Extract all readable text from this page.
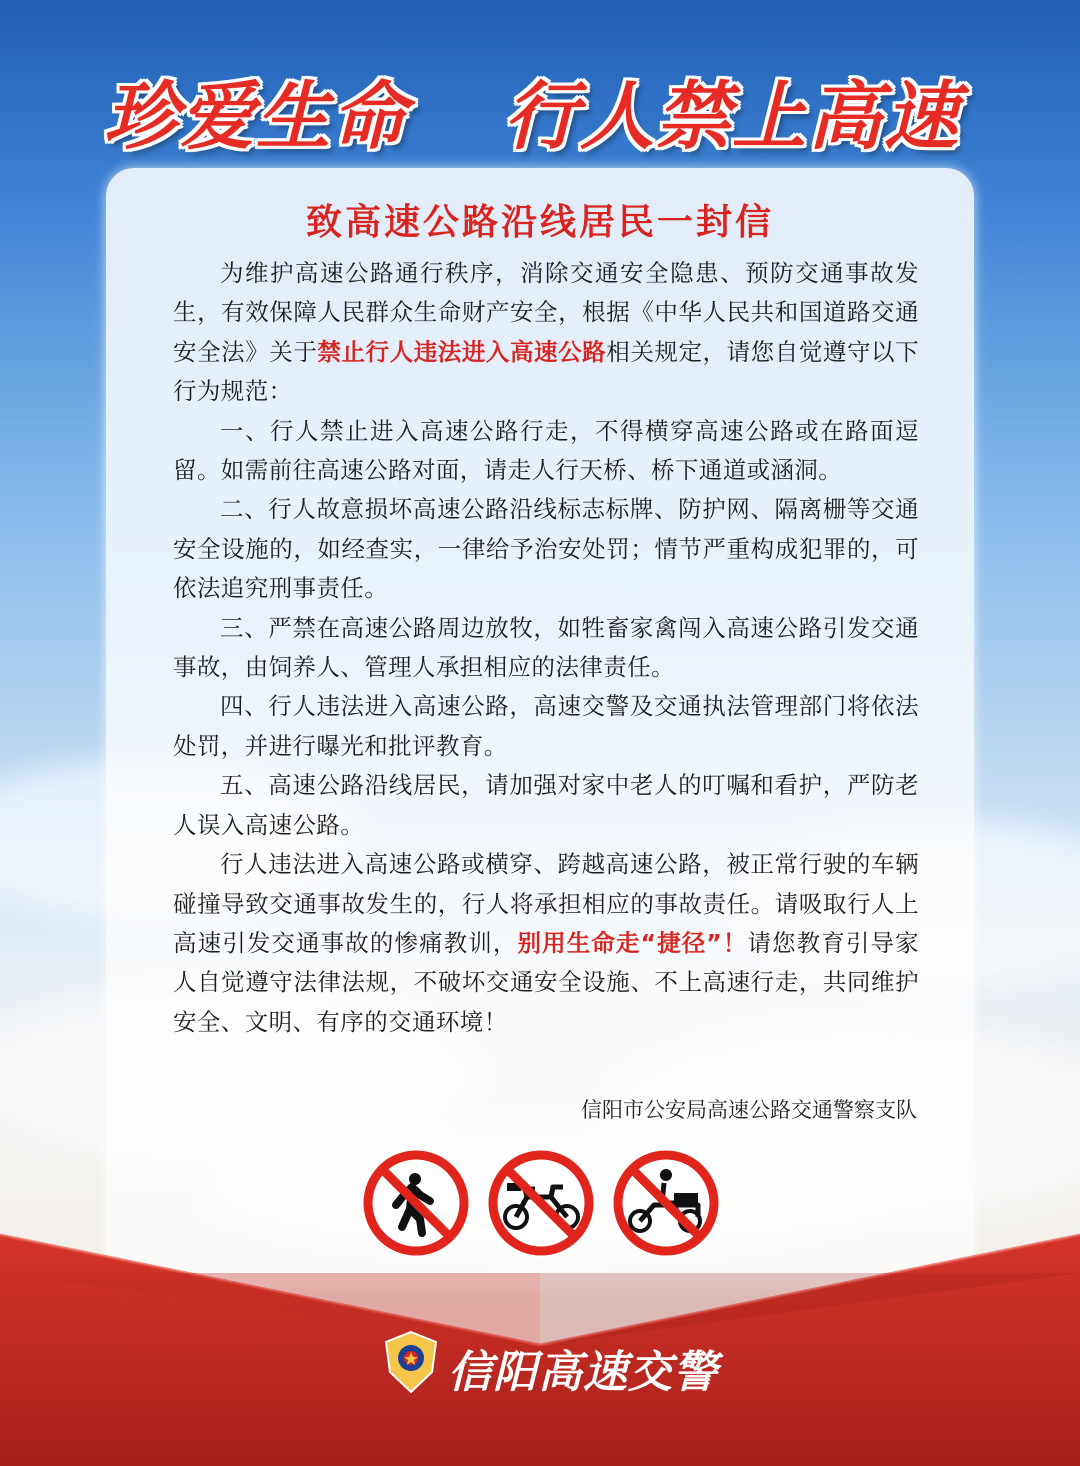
珍爱生命 行人禁上高速
致高速公路沿线居民一封信

为维护高速公路通行秩序，消除交通安全隐患、预防交通事故发生，有效保障人民群众生命财产安全，根据《中华人民共和国道路交通安全法》关于禁止行人违法进入高速公路相关规定，请您自觉遵守以下行为规范：

一、行人禁止进入高速公路行走，不得横穿高速公路或在路面逗留。如需前往高速公路对面，请走人行天桥、桥下通道或涵洞。

二、行人故意损坏高速公路沿线标志标牌、防护网、隔离栅等交通安全设施的，如经查实，一律给予治安处罚；情节严重构成犯罪的，可依法追究刑事责任。

三、严禁在高速公路周边放牧，如牲畜家禽闯入高速公路引发交通事故，由饲养人、管理人承担相应的法律责任。

四、行人违法进入高速公路，高速交警及交通执法管理部门将依法处罚，并进行曝光和批评教育。

五、高速公路沿线居民，请加强对家中老人的叮嘱和看护，严防老人误入高速公路。

行人违法进入高速公路或横穿、跨越高速公路，被正常行驶的车辆碰撞导致交通事故发生的，行人将承担相应的事故责任。请吸取行人上高速引发交通事故的惨痛教训，别用生命走“捷径”！请您教育引导家人自觉遵守法律法规，不破坏交通安全设施、不上高速行走，共同维护安全、文明、有序的交通环境！

信阳市公安局高速公路交通警察支队
信阳高速交警
